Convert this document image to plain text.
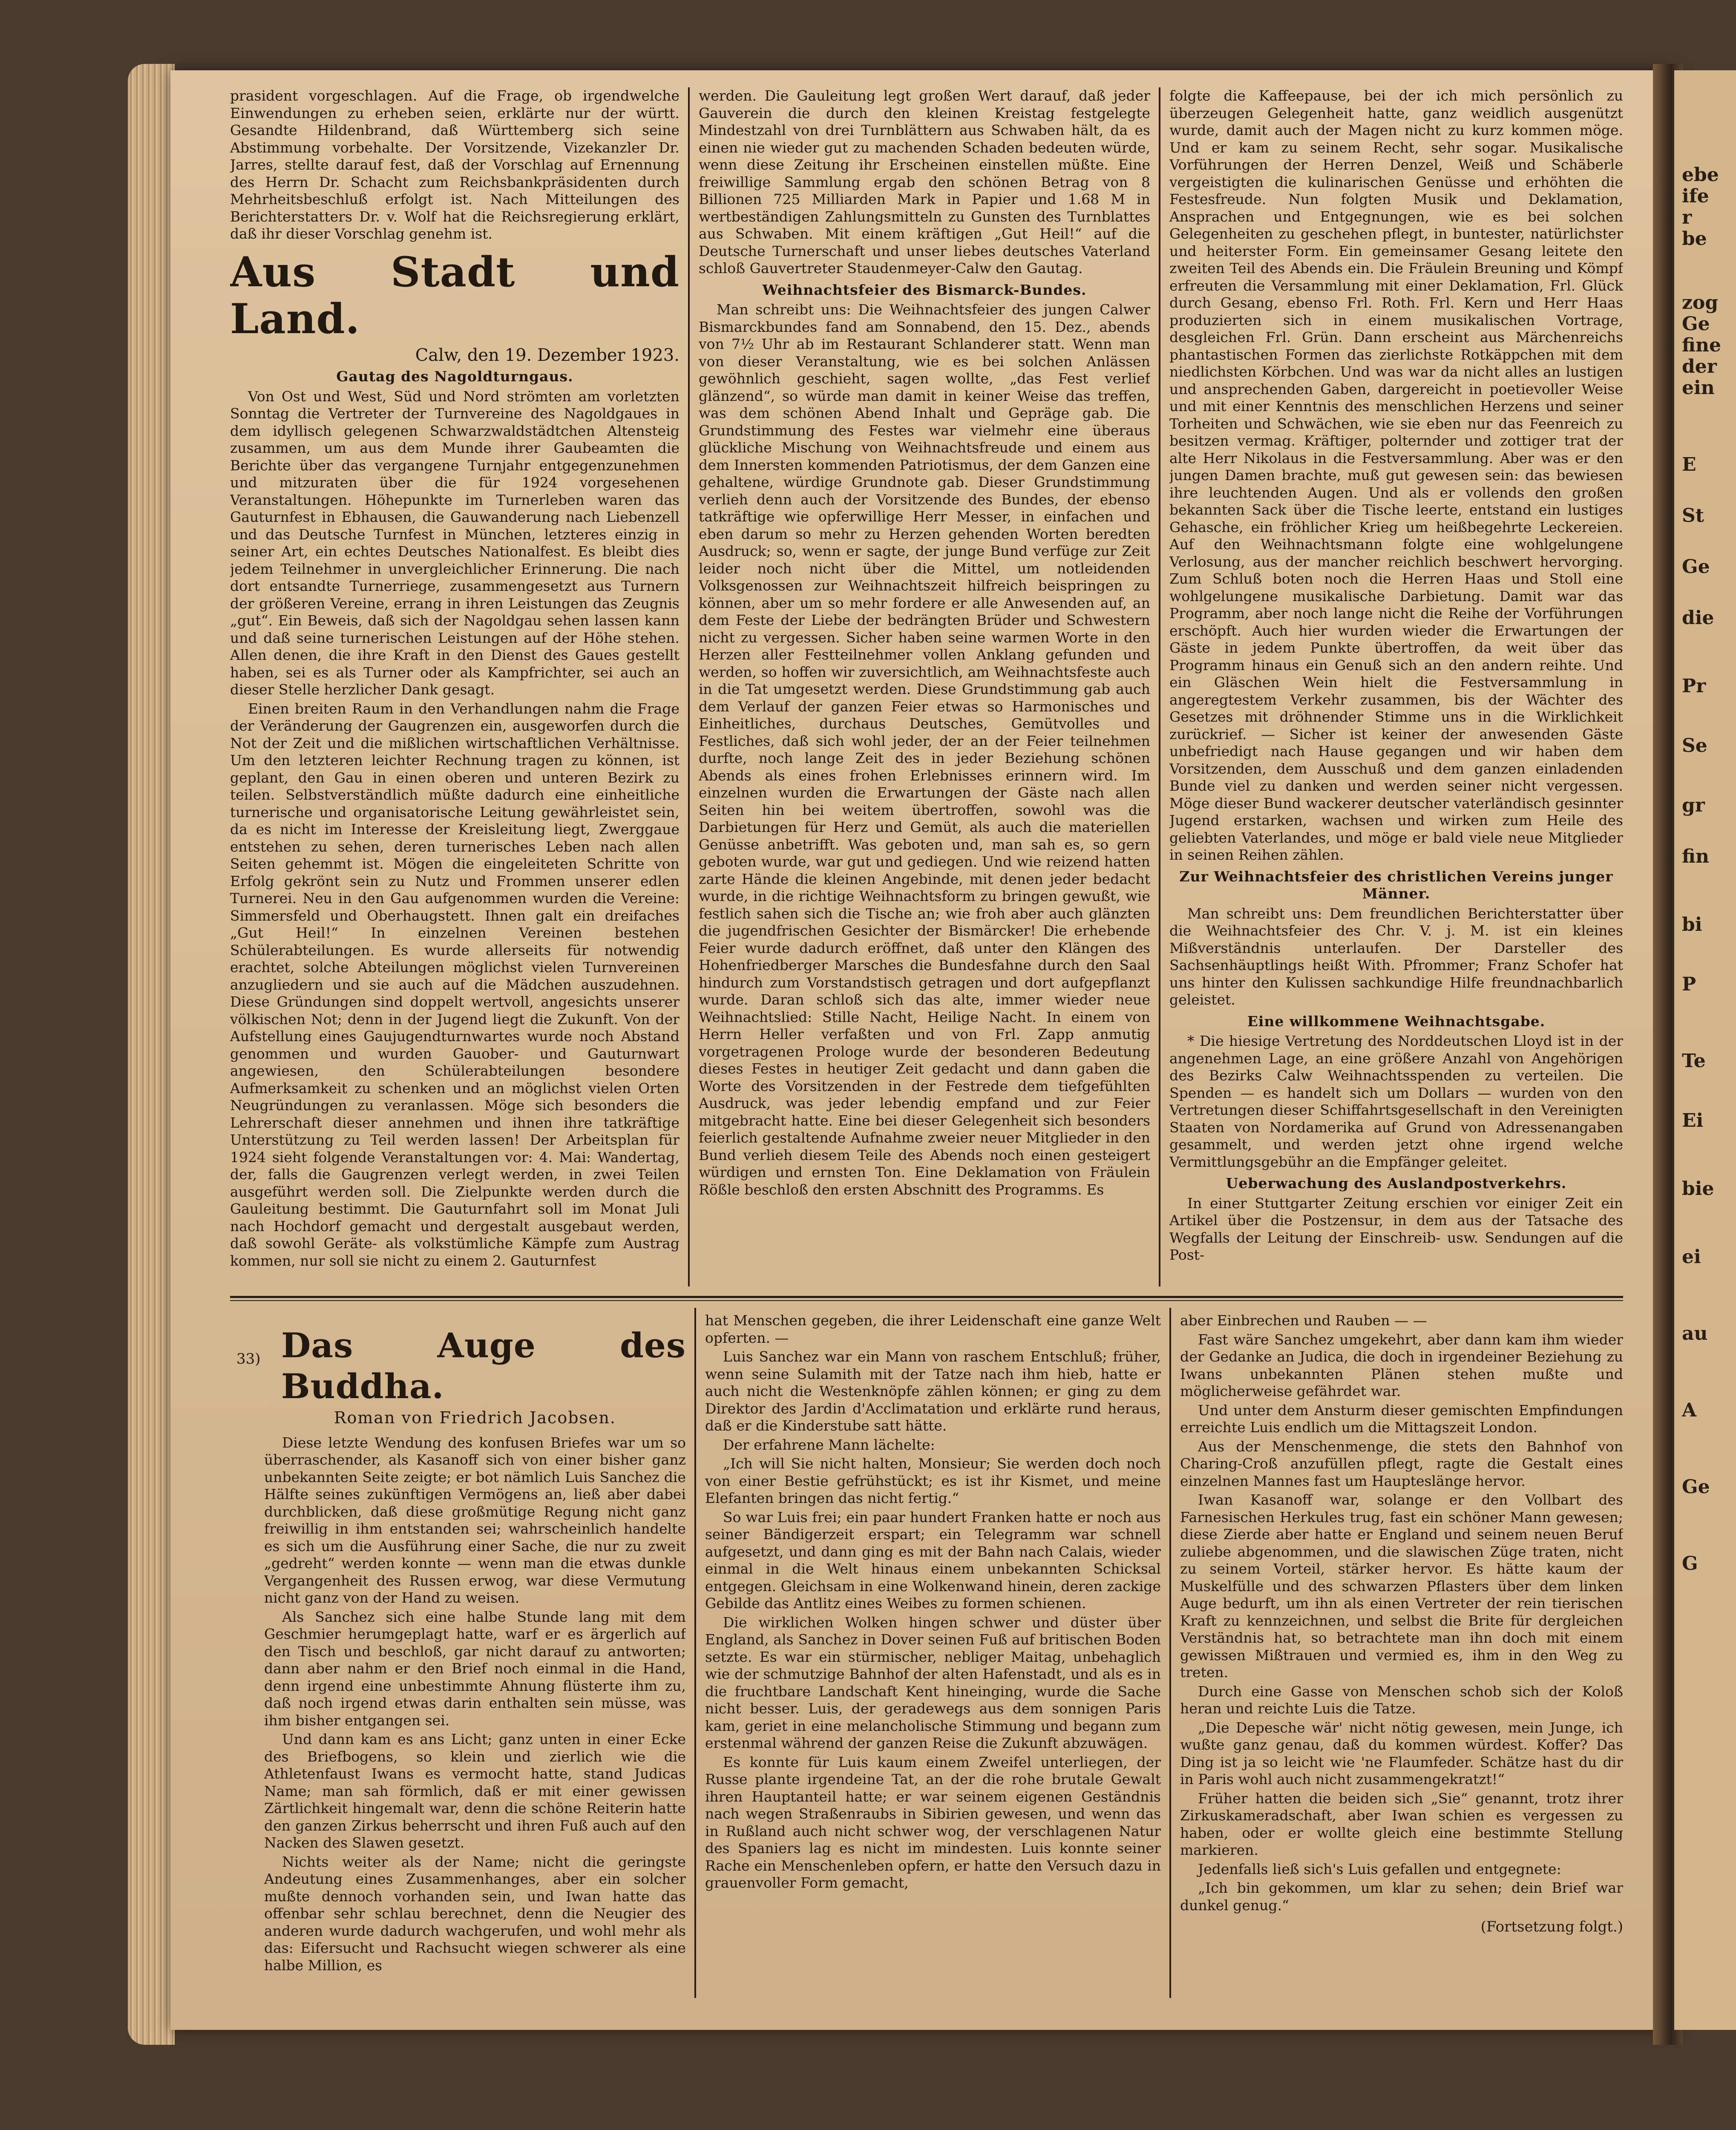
ebe
ife
r
be
zog
Ge
fine
der
ein
E
St
Ge
die
Pr
Se
gr
fin
bi
P
Te
Ei
bie
ei
au
A
Ge
G

prasident vorgeschlagen. Auf die Frage, ob irgendwelche Einwendungen zu erheben seien, erklärte nur der württ. Gesandte Hildenbrand, daß Württemberg sich seine Abstimmung vorbehalte. Der Vorsitzende, Vizekanzler Dr. Jarres, stellte darauf fest, daß der Vorschlag auf Ernennung des Herrn Dr. Schacht zum Reichsbankpräsidenten durch Mehrheitsbeschluß erfolgt ist. Nach Mitteilungen des Berichterstatters Dr. v. Wolf hat die Reichsregierung erklärt, daß ihr dieser Vorschlag genehm ist.

Aus Stadt und Land.
Calw, den 19. Dezember 1923.
Gautag des Nagoldturngaus.

Von Ost und West, Süd und Nord strömten am vorletzten Sonntag die Vertreter der Turnvereine des Nagoldgaues in dem idyllisch gelegenen Schwarzwaldstädtchen Altensteig zusammen, um aus dem Munde ihrer Gaubeamten die Berichte über das vergangene Turnjahr entgegenzunehmen und mitzuraten über die für 1924 vorgesehenen Veranstaltungen. Höhepunkte im Turnerleben waren das Gauturnfest in Ebhausen, die Gauwanderung nach Liebenzell und das Deutsche Turnfest in München, letzteres einzig in seiner Art, ein echtes Deutsches Nationalfest. Es bleibt dies jedem Teilnehmer in unvergleichlicher Erinnerung. Die nach dort entsandte Turnerriege, zusammengesetzt aus Turnern der größeren Vereine, errang in ihren Leistungen das Zeugnis „gut“. Ein Beweis, daß sich der Nagoldgau sehen lassen kann und daß seine turnerischen Leistungen auf der Höhe stehen. Allen denen, die ihre Kraft in den Dienst des Gaues gestellt haben, sei es als Turner oder als Kampfrichter, sei auch an dieser Stelle herzlicher Dank gesagt.

Einen breiten Raum in den Verhandlungen nahm die Frage der Veränderung der Gaugrenzen ein, ausgeworfen durch die Not der Zeit und die mißlichen wirtschaftlichen Verhältnisse. Um den letzteren leichter Rechnung tragen zu können, ist geplant, den Gau in einen oberen und unteren Bezirk zu teilen. Selbstverständlich müßte dadurch eine einheitliche turnerische und organisatorische Leitung gewährleistet sein, da es nicht im Interesse der Kreisleitung liegt, Zwerggaue entstehen zu sehen, deren turnerisches Leben nach allen Seiten gehemmt ist. Mögen die eingeleiteten Schritte von Erfolg gekrönt sein zu Nutz und Frommen unserer edlen Turnerei. Neu in den Gau aufgenommen wurden die Vereine: Simmersfeld und Oberhaugstett. Ihnen galt ein dreifaches „Gut Heil!“ In einzelnen Vereinen bestehen Schülerabteilungen. Es wurde allerseits für notwendig erachtet, solche Abteilungen möglichst vielen Turnvereinen anzugliedern und sie auch auf die Mädchen auszudehnen. Diese Gründungen sind doppelt wertvoll, angesichts unserer völkischen Not; denn in der Jugend liegt die Zukunft. Von der Aufstellung eines Gaujugendturnwartes wurde noch Abstand genommen und wurden Gauober- und Gauturnwart angewiesen, den Schülerabteilungen besondere Aufmerksamkeit zu schenken und an möglichst vielen Orten Neugründungen zu veranlassen. Möge sich besonders die Lehrerschaft dieser annehmen und ihnen ihre tatkräftige Unterstützung zu Teil werden lassen! Der Arbeitsplan für 1924 sieht folgende Veranstaltungen vor: 4. Mai: Wandertag, der, falls die Gaugrenzen verlegt werden, in zwei Teilen ausgeführt werden soll. Die Zielpunkte werden durch die Gauleitung bestimmt. Die Gauturnfahrt soll im Monat Juli nach Hochdorf gemacht und dergestalt ausgebaut werden, daß sowohl Geräte- als volkstümliche Kämpfe zum Austrag kommen, nur soll sie nicht zu einem 2. Gauturnfest

werden. Die Gauleitung legt großen Wert darauf, daß jeder Gauverein die durch den kleinen Kreistag festgelegte Mindestzahl von drei Turnblättern aus Schwaben hält, da es einen nie wieder gut zu machenden Schaden bedeuten würde, wenn diese Zeitung ihr Erscheinen einstellen müßte. Eine freiwillige Sammlung ergab den schönen Betrag von 8 Billionen 725 Milliarden Mark in Papier und 1.68 M in wertbeständigen Zahlungsmitteln zu Gunsten des Turnblattes aus Schwaben. Mit einem kräftigen „Gut Heil!“ auf die Deutsche Turnerschaft und unser liebes deutsches Vaterland schloß Gauvertreter Staudenmeyer-Calw den Gautag.

Weihnachtsfeier des Bismarck-Bundes.

Man schreibt uns: Die Weihnachtsfeier des jungen Calwer Bismarckbundes fand am Sonnabend, den 15. Dez., abends von 7½ Uhr ab im Restaurant Schlanderer statt. Wenn man von dieser Veranstaltung, wie es bei solchen Anlässen gewöhnlich geschieht, sagen wollte, „das Fest verlief glänzend“, so würde man damit in keiner Weise das treffen, was dem schönen Abend Inhalt und Gepräge gab. Die Grundstimmung des Festes war vielmehr eine überaus glückliche Mischung von Weihnachtsfreude und einem aus dem Innersten kommenden Patriotismus, der dem Ganzen eine gehaltene, würdige Grundnote gab. Dieser Grundstimmung verlieh denn auch der Vorsitzende des Bundes, der ebenso tatkräftige wie opferwillige Herr Messer, in einfachen und eben darum so mehr zu Herzen gehenden Worten beredten Ausdruck; so, wenn er sagte, der junge Bund verfüge zur Zeit leider noch nicht über die Mittel, um notleidenden Volksgenossen zur Weihnachtszeit hilfreich beispringen zu können, aber um so mehr fordere er alle Anwesenden auf, an dem Feste der Liebe der bedrängten Brüder und Schwestern nicht zu vergessen. Sicher haben seine warmen Worte in den Herzen aller Festteilnehmer vollen Anklang gefunden und werden, so hoffen wir zuversichtlich, am Weihnachtsfeste auch in die Tat umgesetzt werden. Diese Grundstimmung gab auch dem Verlauf der ganzen Feier etwas so Harmonisches und Einheitliches, durchaus Deutsches, Gemütvolles und Festliches, daß sich wohl jeder, der an der Feier teilnehmen durfte, noch lange Zeit des in jeder Beziehung schönen Abends als eines frohen Erlebnisses erinnern wird. Im einzelnen wurden die Erwartungen der Gäste nach allen Seiten hin bei weitem übertroffen, sowohl was die Darbietungen für Herz und Gemüt, als auch die materiellen Genüsse anbetrifft. Was geboten und, man sah es, so gern geboten wurde, war gut und gediegen. Und wie reizend hatten zarte Hände die kleinen Angebinde, mit denen jeder bedacht wurde, in die richtige Weihnachtsform zu bringen gewußt, wie festlich sahen sich die Tische an; wie froh aber auch glänzten die jugendfrischen Gesichter der Bismärcker! Die erhebende Feier wurde dadurch eröffnet, daß unter den Klängen des Hohenfriedberger Marsches die Bundesfahne durch den Saal hindurch zum Vorstandstisch getragen und dort aufgepflanzt wurde. Daran schloß sich das alte, immer wieder neue Weihnachtslied: Stille Nacht, Heilige Nacht. In einem von Herrn Heller verfaßten und von Frl. Zapp anmutig vorgetragenen Prologe wurde der besonderen Bedeutung dieses Festes in heutiger Zeit gedacht und dann gaben die Worte des Vorsitzenden in der Festrede dem tiefgefühlten Ausdruck, was jeder lebendig empfand und zur Feier mitgebracht hatte. Eine bei dieser Gelegenheit sich besonders feierlich gestaltende Aufnahme zweier neuer Mitglieder in den Bund verlieh diesem Teile des Abends noch einen gesteigert würdigen und ernsten Ton. Eine Deklamation von Fräulein Rößle beschloß den ersten Abschnitt des Programms. Es

folgte die Kaffeepause, bei der ich mich persönlich zu überzeugen Gelegenheit hatte, ganz weidlich ausgenützt wurde, damit auch der Magen nicht zu kurz kommen möge. Und er kam zu seinem Recht, sehr sogar. Musikalische Vorführungen der Herren Denzel, Weiß und Schäberle vergeistigten die kulinarischen Genüsse und erhöhten die Festesfreude. Nun folgten Musik und Deklamation, Ansprachen und Entgegnungen, wie es bei solchen Gelegenheiten zu geschehen pflegt, in buntester, natürlichster und heiterster Form. Ein gemeinsamer Gesang leitete den zweiten Teil des Abends ein. Die Fräulein Breuning und Kömpf erfreuten die Versammlung mit einer Deklamation, Frl. Glück durch Gesang, ebenso Frl. Roth. Frl. Kern und Herr Haas produzierten sich in einem musikalischen Vortrage, desgleichen Frl. Grün. Dann erscheint aus Märchenreichs phantastischen Formen das zierlichste Rotkäppchen mit dem niedlichsten Körbchen. Und was war da nicht alles an lustigen und ansprechenden Gaben, dargereicht in poetievoller Weise und mit einer Kenntnis des menschlichen Herzens und seiner Torheiten und Schwächen, wie sie eben nur das Feenreich zu besitzen vermag. Kräftiger, polternder und zottiger trat der alte Herr Nikolaus in die Festversammlung. Aber was er den jungen Damen brachte, muß gut gewesen sein: das bewiesen ihre leuchtenden Augen. Und als er vollends den großen bekannten Sack über die Tische leerte, entstand ein lustiges Gehasche, ein fröhlicher Krieg um heißbegehrte Leckereien. Auf den Weihnachtsmann folgte eine wohlgelungene Verlosung, aus der mancher reichlich beschwert hervorging. Zum Schluß boten noch die Herren Haas und Stoll eine wohlgelungene musikalische Darbietung. Damit war das Programm, aber noch lange nicht die Reihe der Vorführungen erschöpft. Auch hier wurden wieder die Erwartungen der Gäste in jedem Punkte übertroffen, da weit über das Programm hinaus ein Genuß sich an den andern reihte. Und ein Gläschen Wein hielt die Festversammlung in angeregtestem Verkehr zusammen, bis der Wächter des Gesetzes mit dröhnender Stimme uns in die Wirklichkeit zurückrief. — Sicher ist keiner der anwesenden Gäste unbefriedigt nach Hause gegangen und wir haben dem Vorsitzenden, dem Ausschuß und dem ganzen einladenden Bunde viel zu danken und werden seiner nicht vergessen. Möge dieser Bund wackerer deutscher vaterländisch gesinnter Jugend erstarken, wachsen und wirken zum Heile des geliebten Vaterlandes, und möge er bald viele neue Mitglieder in seinen Reihen zählen.

Zur Weihnachtsfeier des christlichen Vereins junger Männer.

Man schreibt uns: Dem freundlichen Berichterstatter über die Weihnachtsfeier des Chr. V. j. M. ist ein kleines Mißverständnis unterlaufen. Der Darsteller des Sachsenhäuptlings heißt With. Pfrommer; Franz Schofer hat uns hinter den Kulissen sachkundige Hilfe freundnachbarlich geleistet.

Eine willkommene Weihnachtsgabe.

* Die hiesige Vertretung des Norddeutschen Lloyd ist in der angenehmen Lage, an eine größere Anzahl von Angehörigen des Bezirks Calw Weihnachtsspenden zu verteilen. Die Spenden — es handelt sich um Dollars — wurden von den Vertretungen dieser Schiffahrtsgesellschaft in den Vereinigten Staaten von Nordamerika auf Grund von Adressenangaben gesammelt, und werden jetzt ohne irgend welche Vermittlungsgebühr an die Empfänger geleitet.

Ueberwachung des Auslandpostverkehrs.

In einer Stuttgarter Zeitung erschien vor einiger Zeit ein Artikel über die Postzensur, in dem aus der Tatsache des Wegfalls der Leitung der Einschreib- usw. Sendungen auf die Post-

33) Das Auge des Buddha.
Roman von Friedrich Jacobsen.

Diese letzte Wendung des konfusen Briefes war um so überraschender, als Kasanoff sich von einer bisher ganz unbekannten Seite zeigte; er bot nämlich Luis Sanchez die Hälfte seines zukünftigen Vermögens an, ließ aber dabei durchblicken, daß diese großmütige Regung nicht ganz freiwillig in ihm entstanden sei; wahrscheinlich handelte es sich um die Ausführung einer Sache, die nur zu zweit „gedreht“ werden konnte — wenn man die etwas dunkle Vergangenheit des Russen erwog, war diese Vermutung nicht ganz von der Hand zu weisen.

Als Sanchez sich eine halbe Stunde lang mit dem Geschmier herumgeplagt hatte, warf er es ärgerlich auf den Tisch und beschloß, gar nicht darauf zu antworten; dann aber nahm er den Brief noch einmal in die Hand, denn irgend eine unbestimmte Ahnung flüsterte ihm zu, daß noch irgend etwas darin enthalten sein müsse, was ihm bisher entgangen sei.

Und dann kam es ans Licht; ganz unten in einer Ecke des Briefbogens, so klein und zierlich wie die Athletenfaust Iwans es vermocht hatte, stand Judicas Name; man sah förmlich, daß er mit einer gewissen Zärtlichkeit hingemalt war, denn die schöne Reiterin hatte den ganzen Zirkus beherrscht und ihren Fuß auch auf den Nacken des Slawen gesetzt.

Nichts weiter als der Name; nicht die geringste Andeutung eines Zusammenhanges, aber ein solcher mußte dennoch vorhanden sein, und Iwan hatte das offenbar sehr schlau berechnet, denn die Neugier des anderen wurde dadurch wachgerufen, und wohl mehr als das: Eifersucht und Rachsucht wiegen schwerer als eine halbe Million, es

hat Menschen gegeben, die ihrer Leidenschaft eine ganze Welt opferten. —

Luis Sanchez war ein Mann von raschem Entschluß; früher, wenn seine Sulamith mit der Tatze nach ihm hieb, hatte er auch nicht die Westenknöpfe zählen können; er ging zu dem Direktor des Jardin d'Acclimatation und erklärte rund heraus, daß er die Kinderstube satt hätte.

Der erfahrene Mann lächelte:

„Ich will Sie nicht halten, Monsieur; Sie werden doch noch von einer Bestie gefrühstückt; es ist ihr Kismet, und meine Elefanten bringen das nicht fertig.“

So war Luis frei; ein paar hundert Franken hatte er noch aus seiner Bändigerzeit erspart; ein Telegramm war schnell aufgesetzt, und dann ging es mit der Bahn nach Calais, wieder einmal in die Welt hinaus einem unbekannten Schicksal entgegen. Gleichsam in eine Wolkenwand hinein, deren zackige Gebilde das Antlitz eines Weibes zu formen schienen.

Die wirklichen Wolken hingen schwer und düster über England, als Sanchez in Dover seinen Fuß auf britischen Boden setzte. Es war ein stürmischer, nebliger Maitag, unbehaglich wie der schmutzige Bahnhof der alten Hafenstadt, und als es in die fruchtbare Landschaft Kent hineinging, wurde die Sache nicht besser. Luis, der geradewegs aus dem sonnigen Paris kam, geriet in eine melancholische Stimmung und begann zum erstenmal während der ganzen Reise die Zukunft abzuwägen.

Es konnte für Luis kaum einem Zweifel unterliegen, der Russe plante irgendeine Tat, an der die rohe brutale Gewalt ihren Hauptanteil hatte; er war seinem eigenen Geständnis nach wegen Straßenraubs in Sibirien gewesen, und wenn das in Rußland auch nicht schwer wog, der verschlagenen Natur des Spaniers lag es nicht im mindesten. Luis konnte seiner Rache ein Menschenleben opfern, er hatte den Versuch dazu in grauenvoller Form gemacht,

aber Einbrechen und Rauben — —

Fast wäre Sanchez umgekehrt, aber dann kam ihm wieder der Gedanke an Judica, die doch in irgendeiner Beziehung zu Iwans unbekannten Plänen stehen mußte und möglicherweise gefährdet war.

Und unter dem Ansturm dieser gemischten Empfindungen erreichte Luis endlich um die Mittagszeit London.

Aus der Menschenmenge, die stets den Bahnhof von Charing-Croß anzufüllen pflegt, ragte die Gestalt eines einzelnen Mannes fast um Haupteslänge hervor.

Iwan Kasanoff war, solange er den Vollbart des Farnesischen Herkules trug, fast ein schöner Mann gewesen; diese Zierde aber hatte er England und seinem neuen Beruf zuliebe abgenommen, und die slawischen Züge traten, nicht zu seinem Vorteil, stärker hervor. Es hätte kaum der Muskelfülle und des schwarzen Pflasters über dem linken Auge bedurft, um ihn als einen Vertreter der rein tierischen Kraft zu kennzeichnen, und selbst die Brite für dergleichen Verständnis hat, so betrachtete man ihn doch mit einem gewissen Mißtrauen und vermied es, ihm in den Weg zu treten.

Durch eine Gasse von Menschen schob sich der Koloß heran und reichte Luis die Tatze.

„Die Depesche wär' nicht nötig gewesen, mein Junge, ich wußte ganz genau, daß du kommen würdest. Koffer? Das Ding ist ja so leicht wie 'ne Flaumfeder. Schätze hast du dir in Paris wohl auch nicht zusammengekratzt!“

Früher hatten die beiden sich „Sie“ genannt, trotz ihrer Zirkuskameradschaft, aber Iwan schien es vergessen zu haben, oder er wollte gleich eine bestimmte Stellung markieren.

Jedenfalls ließ sich's Luis gefallen und entgegnete:

„Ich bin gekommen, um klar zu sehen; dein Brief war dunkel genug.“

(Fortsetzung folgt.)
